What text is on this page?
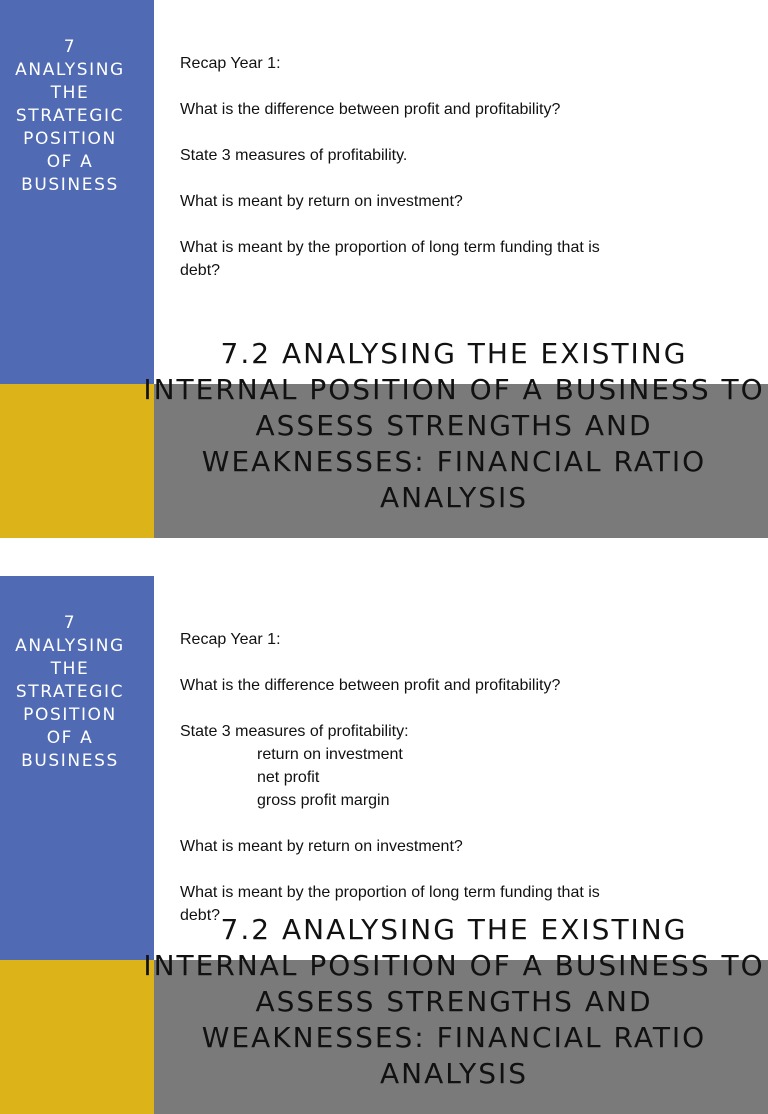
7
ANALYSING
THE
STRATEGIC
POSITION
OF A
BUSINESS
Recap Year 1:
What is the difference between profit and profitability?
State 3 measures of profitability.
What is meant by return on investment?
What is meant by the proportion of long term funding that is
debt?
7.2 ANALYSING THE EXISTING INTERNAL POSITION OF A BUSINESS TO ASSESS STRENGTHS AND WEAKNESSES: FINANCIAL RATIO ANALYSIS
7
ANALYSING
THE
STRATEGIC
POSITION
OF A
BUSINESS
Recap Year 1:
What is the difference between profit and profitability?
State 3 measures of profitability:
return on investment
net profit
gross profit margin
What is meant by return on investment?
What is meant by the proportion of long term funding that is
debt? 7.2 ANALYSING THE EXISTING INTERNAL POSITION OF A BUSINESS TO ASSESS STRENGTHS AND WEAKNESSES: FINANCIAL RATIO ANALYSIS
